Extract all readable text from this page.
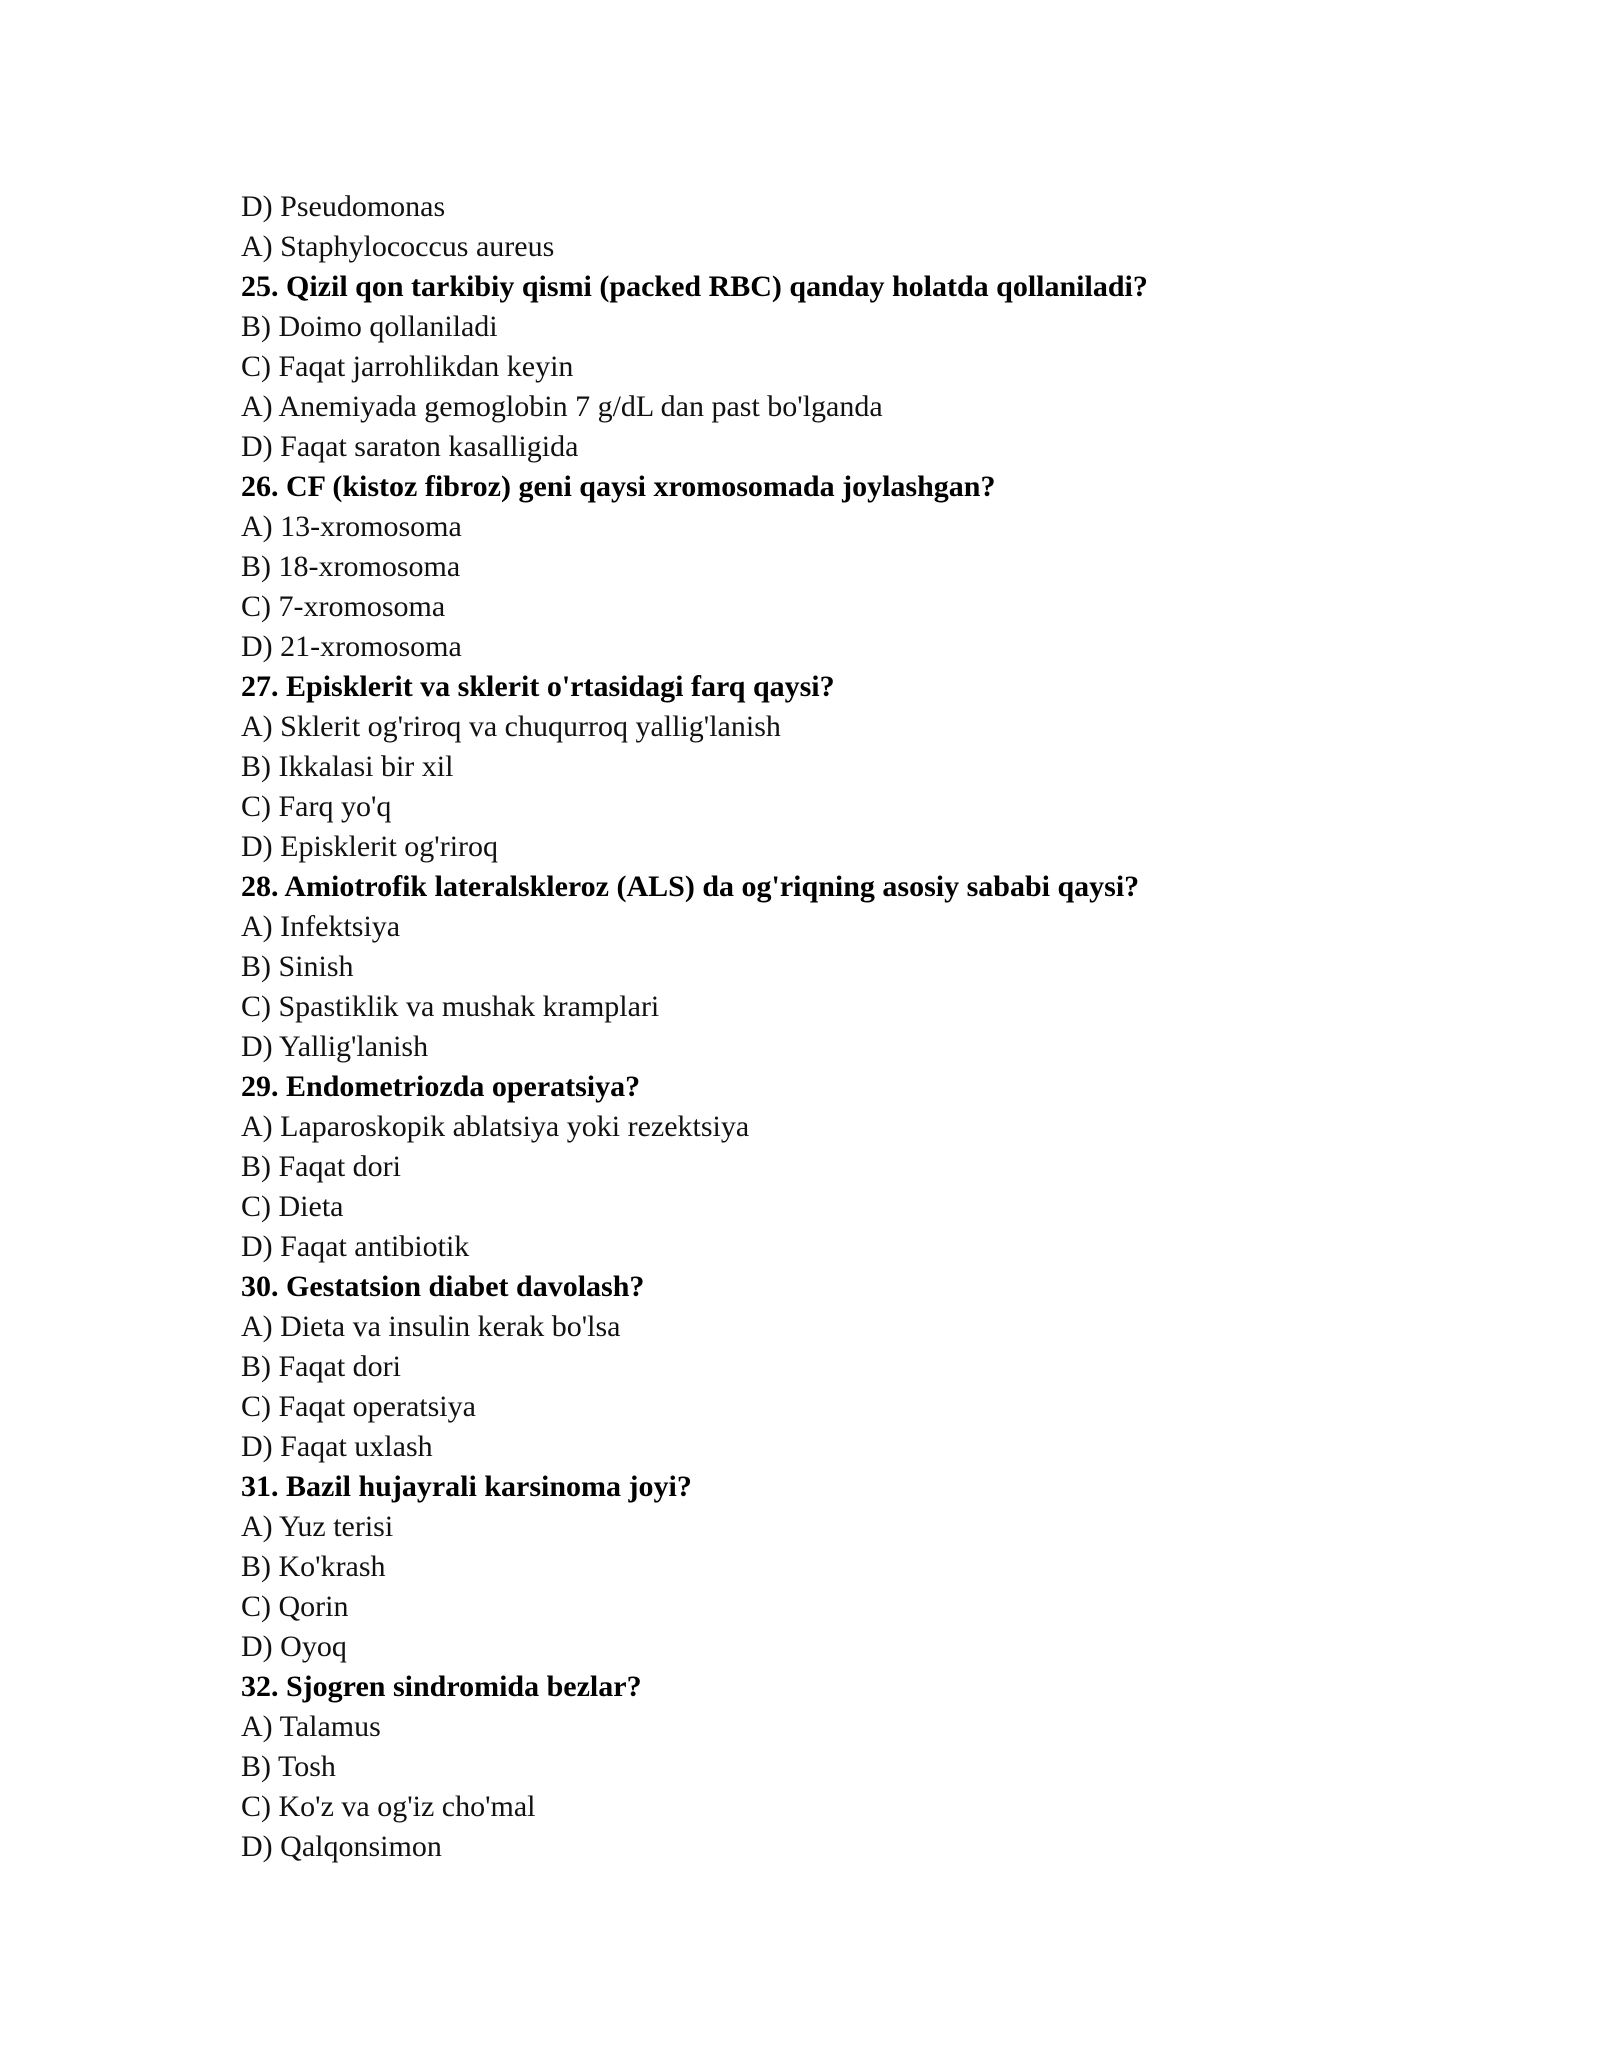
D) Pseudomonas
A) Staphylococcus aureus
25. Qizil qon tarkibiy qismi (packed RBC) qanday holatda qollaniladi?
B) Doimo qollaniladi
C) Faqat jarrohlikdan keyin
A) Anemiyada gemoglobin 7 g/dL dan past bo'lganda
D) Faqat saraton kasalligida
26. CF (kistoz fibroz) geni qaysi xromosomada joylashgan?
A) 13-xromosoma
B) 18-xromosoma
C) 7-xromosoma
D) 21-xromosoma
27. Episklerit va sklerit o'rtasidagi farq qaysi?
A) Sklerit og'riroq va chuqurroq yallig'lanish
B) Ikkalasi bir xil
C) Farq yo'q
D) Episklerit og'riroq
28. Amiotrofik lateralskleroz (ALS) da og'riqning asosiy sababi qaysi?
A) Infektsiya
B) Sinish
C) Spastiklik va mushak kramplari
D) Yallig'lanish
29. Endometriozda operatsiya?
A) Laparoskopik ablatsiya yoki rezektsiya
B) Faqat dori
C) Dieta
D) Faqat antibiotik
30. Gestatsion diabet davolash?
A) Dieta va insulin kerak bo'lsa
B) Faqat dori
C) Faqat operatsiya
D) Faqat uxlash
31. Bazil hujayrali karsinoma joyi?
A) Yuz terisi
B) Ko'krash
C) Qorin
D) Oyoq
32. Sjogren sindromida bezlar?
A) Talamus
B) Tosh
C) Ko'z va og'iz cho'mal
D) Qalqonsimon
